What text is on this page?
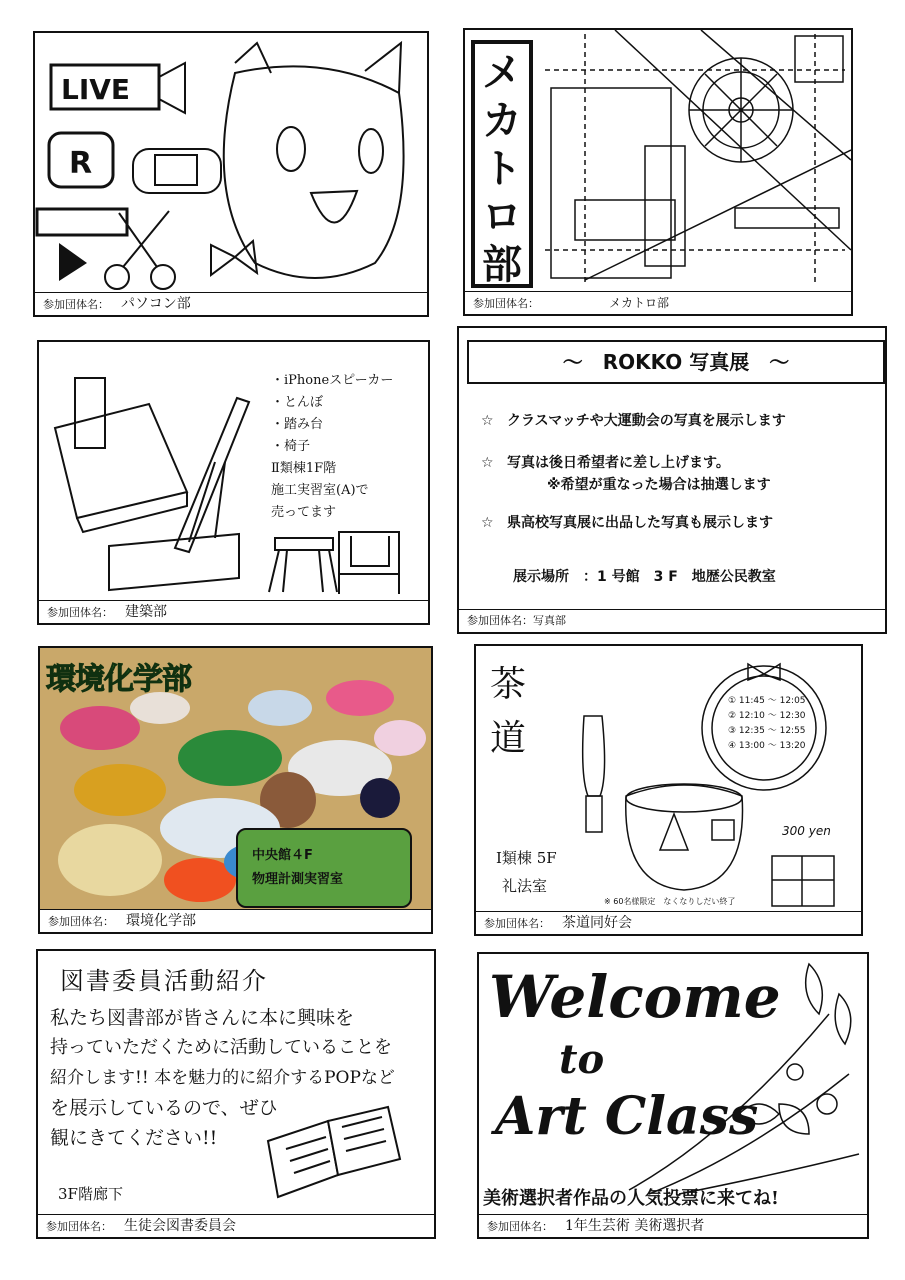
LIVE
R
参加団体名： パソコン部
メ
カ
ト
ロ
部
参加団体名：	メカトロ部
・iPhoneスピーカー
・とんぼ
・踏み台
・椅子
Ⅱ類棟1F階
施工実習室(A)で
売ってます
参加団体名： 建築部
～　ROKKO 写真展　～
☆ クラスマッチや大運動会の写真を展示します
☆ 写真は後日希望者に差し上げます。
※希望が重なった場合は抽選します
☆ 県高校写真展に出品した写真も展示します
展示場所　：1 号館　3 F　地歴公民教室
参加団体名：写真部
環境化学部
中央館４F
物理計測実習室
参加団体名： 環境化学部
茶
道
① 11:45 ～ 12:05
② 12:10 ～ 12:30
③ 12:35 ～ 12:55
④ 13:00 ～ 13:20
300 yen
Ⅰ類棟 5F
礼法室
※ 60名様限定　なくなりしだい終了
参加団体名： 茶道同好会
図書委員活動紹介
私たち図書部が皆さんに本に興味を
持っていただくために活動していることを
紹介します!! 本を魅力的に紹介するPOPなど
を展示しているので、ぜひ
観にきてください!!
3F階廊下
参加団体名： 生徒会図書委員会
Welcome
to
Art Class
美術選択者作品の人気投票に来てね!
参加団体名： 1年生芸術 美術選択者
